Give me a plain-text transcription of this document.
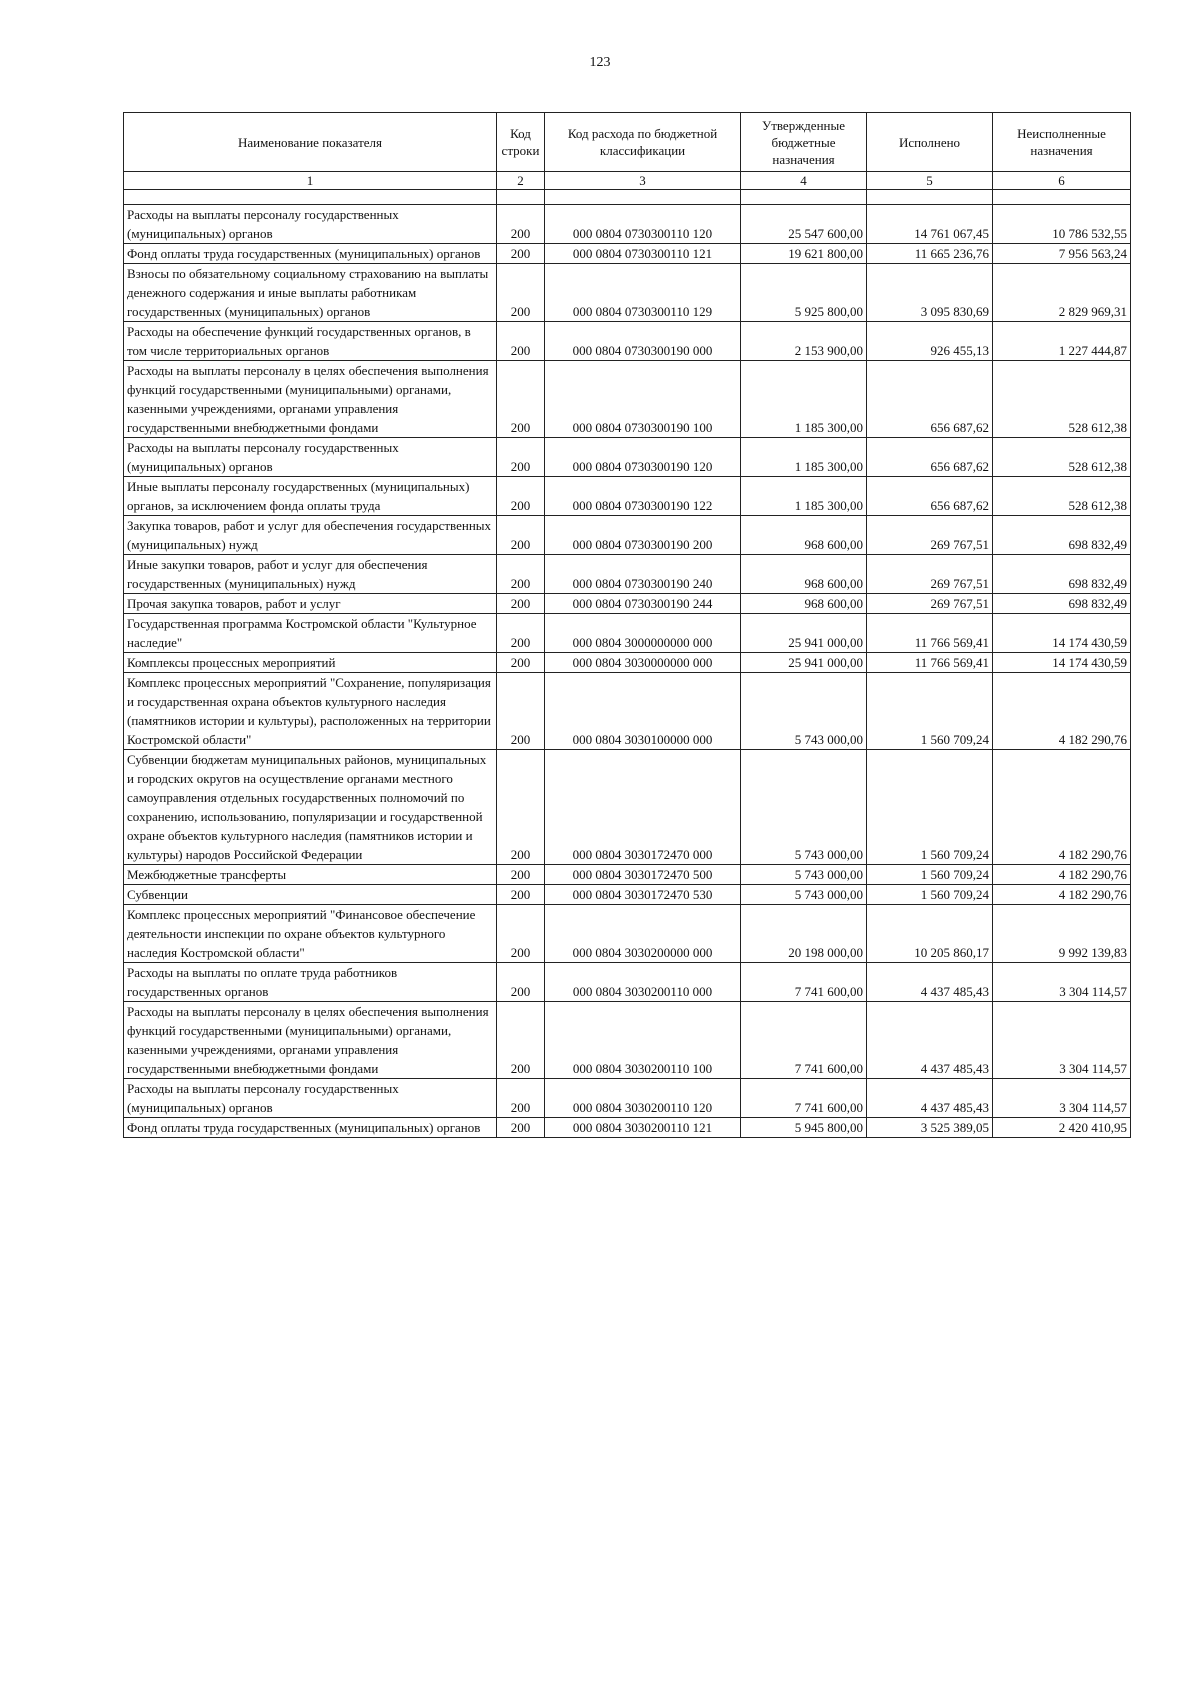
123
Наименование показателя	Код строки	Код расхода по бюджетной классификации	Утвержденные бюджетные назначения	Исполнено	Неисполненные назначения
1	2	3	4	5	6

Расходы на выплаты персоналу государственных (муниципальных) органов	200	000 0804 0730300110 120	25 547 600,00	14 761 067,45	10 786 532,55
Фонд оплаты труда государственных (муниципальных) органов	200	000 0804 0730300110 121	19 621 800,00	11 665 236,76	7 956 563,24
Взносы по обязательному социальному страхованию на выплаты денежного содержания и иные выплаты работникам государственных (муниципальных) органов	200	000 0804 0730300110 129	5 925 800,00	3 095 830,69	2 829 969,31
Расходы на обеспечение функций государственных органов, в том числе территориальных органов	200	000 0804 0730300190 000	2 153 900,00	926 455,13	1 227 444,87
Расходы на выплаты персоналу в целях обеспечения выполнения функций государственными (муниципальными) органами, казенными учреждениями, органами управления государственными внебюджетными фондами	200	000 0804 0730300190 100	1 185 300,00	656 687,62	528 612,38
Расходы на выплаты персоналу государственных (муниципальных) органов	200	000 0804 0730300190 120	1 185 300,00	656 687,62	528 612,38
Иные выплаты персоналу государственных (муниципальных) органов, за исключением фонда оплаты труда	200	000 0804 0730300190 122	1 185 300,00	656 687,62	528 612,38
Закупка товаров, работ и услуг для обеспечения государственных (муниципальных) нужд	200	000 0804 0730300190 200	968 600,00	269 767,51	698 832,49
Иные закупки товаров, работ и услуг для обеспечения государственных (муниципальных) нужд	200	000 0804 0730300190 240	968 600,00	269 767,51	698 832,49
Прочая закупка товаров, работ и услуг	200	000 0804 0730300190 244	968 600,00	269 767,51	698 832,49
Государственная программа Костромской области "Культурное наследие"	200	000 0804 3000000000 000	25 941 000,00	11 766 569,41	14 174 430,59
Комплексы процессных мероприятий	200	000 0804 3030000000 000	25 941 000,00	11 766 569,41	14 174 430,59
Комплекс процессных мероприятий "Сохранение, популяризация и государственная охрана объектов культурного наследия (памятников истории и культуры), расположенных на территории Костромской области"	200	000 0804 3030100000 000	5 743 000,00	1 560 709,24	4 182 290,76
Субвенции бюджетам муниципальных районов, муниципальных и городских округов на осуществление органами местного самоуправления отдельных государственных полномочий по сохранению, использованию, популяризации и государственной охране объектов культурного наследия (памятников истории и культуры) народов Российской Федерации	200	000 0804 3030172470 000	5 743 000,00	1 560 709,24	4 182 290,76
Межбюджетные трансферты	200	000 0804 3030172470 500	5 743 000,00	1 560 709,24	4 182 290,76
Субвенции	200	000 0804 3030172470 530	5 743 000,00	1 560 709,24	4 182 290,76
Комплекс процессных мероприятий "Финансовое обеспечение деятельности инспекции по охране объектов культурного наследия Костромской области"	200	000 0804 3030200000 000	20 198 000,00	10 205 860,17	9 992 139,83
Расходы на выплаты по оплате труда работников государственных органов	200	000 0804 3030200110 000	7 741 600,00	4 437 485,43	3 304 114,57
Расходы на выплаты персоналу в целях обеспечения выполнения функций государственными (муниципальными) органами, казенными учреждениями, органами управления государственными внебюджетными фондами	200	000 0804 3030200110 100	7 741 600,00	4 437 485,43	3 304 114,57
Расходы на выплаты персоналу государственных (муниципальных) органов	200	000 0804 3030200110 120	7 741 600,00	4 437 485,43	3 304 114,57
Фонд оплаты труда государственных (муниципальных) органов	200	000 0804 3030200110 121	5 945 800,00	3 525 389,05	2 420 410,95
